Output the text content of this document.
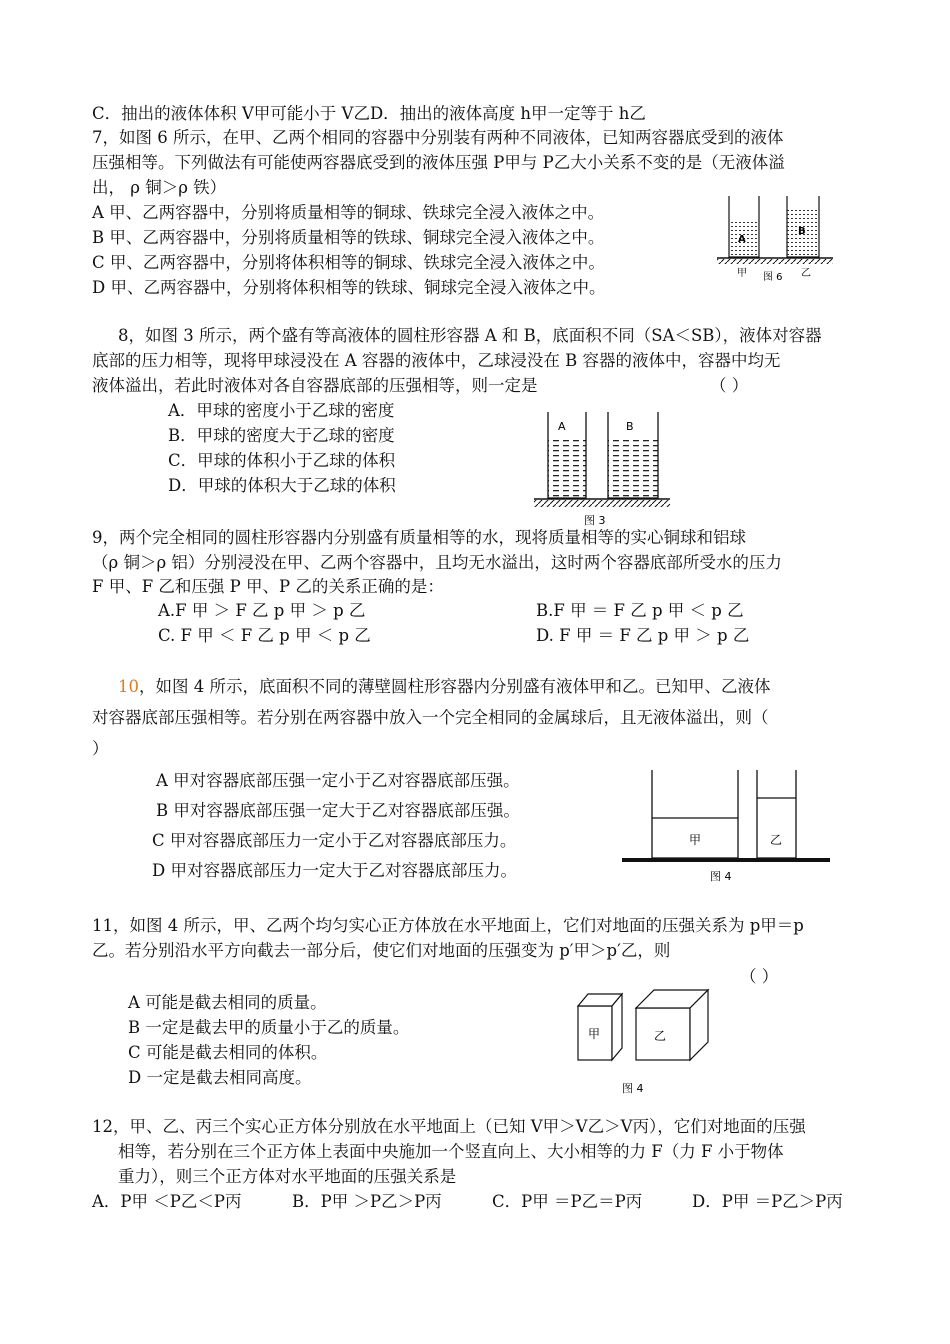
C．抽出的液体体积 V甲可能小于 V乙D．抽出的液体高度 h甲一定等于 h乙
7，如图 6 所示，在甲、乙两个相同的容器中分别装有两种不同液体，已知两容器底受到的液体
压强相等。下列做法有可能使两容器底受到的液体压强 P甲与 P乙大小关系不变的是（无液体溢
出， ρ 铜＞ρ 铁）
A 甲、乙两容器中，分别将质量相等的铜球、铁球完全浸入液体之中。
B 甲、乙两容器中，分别将质量相等的铁球、铜球完全浸入液体之中。
C 甲、乙两容器中，分别将体积相等的铜球、铁球完全浸入液体之中。
D 甲、乙两容器中，分别将体积相等的铁球、铜球完全浸入液体之中。
A
B
甲 图 6 乙
8，如图 3 所示，两个盛有等高液体的圆柱形容器 A 和 B，底面积不同（SA＜SB），液体对容器
底部的压力相等，现将甲球浸没在 A 容器的液体中，乙球浸没在 B 容器的液体中，容器中均无
液体溢出，若此时液体对各自容器底部的压强相等，则一定是	（ ）
A．甲球的密度小于乙球的密度
B．甲球的密度大于乙球的密度
C．甲球的体积小于乙球的体积
D．甲球的体积大于乙球的体积
A	B
图 3
9，两个完全相同的圆柱形容器内分别盛有质量相等的水，现将质量相等的实心铜球和铝球
（ρ 铜＞ρ 铝）分别浸没在甲、乙两个容器中，且均无水溢出，这时两个容器底部所受水的压力
F 甲、F 乙和压强 P 甲、P 乙的关系正确的是：
A.F 甲 ＞ F 乙 p 甲 ＞ p 乙	B.F 甲 ＝ F 乙 p 甲 ＜ p 乙
C. F 甲 ＜ F 乙 p 甲 ＜ p 乙	D. F 甲 ＝ F 乙 p 甲 ＞ p 乙
10，如图 4 所示，底面积不同的薄壁圆柱形容器内分别盛有液体甲和乙。已知甲、乙液体
对容器底部压强相等。若分别在两容器中放入一个完全相同的金属球后，且无液体溢出，则（
）
A 甲对容器底部压强一定小于乙对容器底部压强。
B 甲对容器底部压强一定大于乙对容器底部压强。
C 甲对容器底部压力一定小于乙对容器底部压力。
D 甲对容器底部压力一定大于乙对容器底部压力。
甲	乙
图 4
11，如图 4 所示，甲、乙两个均匀实心正方体放在水平地面上，它们对地面的压强关系为 p甲＝p
乙。若分别沿水平方向截去一部分后，使它们对地面的压强变为 p′甲＞p′乙，则
（ ）
A 可能是截去相同的质量。
B 一定是截去甲的质量小于乙的质量。
C 可能是截去相同的体积。
D 一定是截去相同高度。
甲	乙
图 4
12，甲、乙、丙三个实心正方体分别放在水平地面上（已知 V甲＞V乙＞V丙），它们对地面的压强
相等，若分别在三个正方体上表面中央施加一个竖直向上、大小相等的力 F（力 F 小于物体
重力），则三个正方体对水平地面的压强关系是
A．P甲 ＜P乙＜P丙	B．P甲 ＞P乙＞P丙	C．P甲 ＝P乙＝P丙	D．P甲 ＝P乙＞P丙
